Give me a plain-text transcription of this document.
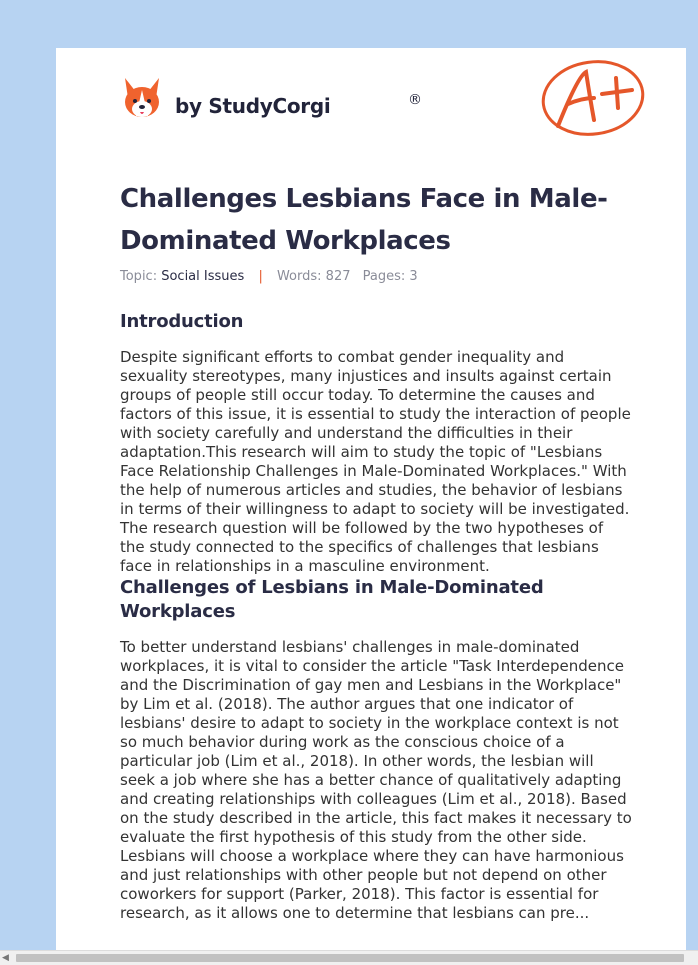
by StudyCorgi	®
A+
Challenges Lesbians Face in Male-Dominated Workplaces
Topic: Social Issues | Words: 827 Pages: 3
Introduction

Despite significant efforts to combat gender inequality and sexuality stereotypes, many injustices and insults against certain groups of people still occur today. To determine the causes and factors of this issue, it is essential to study the interaction of people with society carefully and understand the difficulties in their adaptation.This research will aim to study the topic of "Lesbians Face Relationship Challenges in Male-Dominated Workplaces." With the help of numerous articles and studies, the behavior of lesbians in terms of their willingness to adapt to society will be investigated. The research question will be followed by the two hypotheses of the study connected to the specifics of challenges that lesbians face in relationships in a masculine environment.

Challenges of Lesbians in Male-Dominated Workplaces

To better understand lesbians' challenges in male-dominated workplaces, it is vital to consider the article "Task Interdependence and the Discrimination of gay men and Lesbians in the Workplace" by Lim et al. (2018). The author argues that one indicator of lesbians' desire to adapt to society in the workplace context is not so much behavior during work as the conscious choice of a particular job (Lim et al., 2018). In other words, the lesbian will seek a job where she has a better chance of qualitatively adapting and creating relationships with colleagues (Lim et al., 2018). Based on the study described in the article, this fact makes it necessary to evaluate the first hypothesis of this study from the other side. Lesbians will choose a workplace where they can have harmonious and just relationships with other people but not depend on other coworkers for support (Parker, 2018). This factor is essential for research, as it allows one to determine that lesbians can pre...

◀
